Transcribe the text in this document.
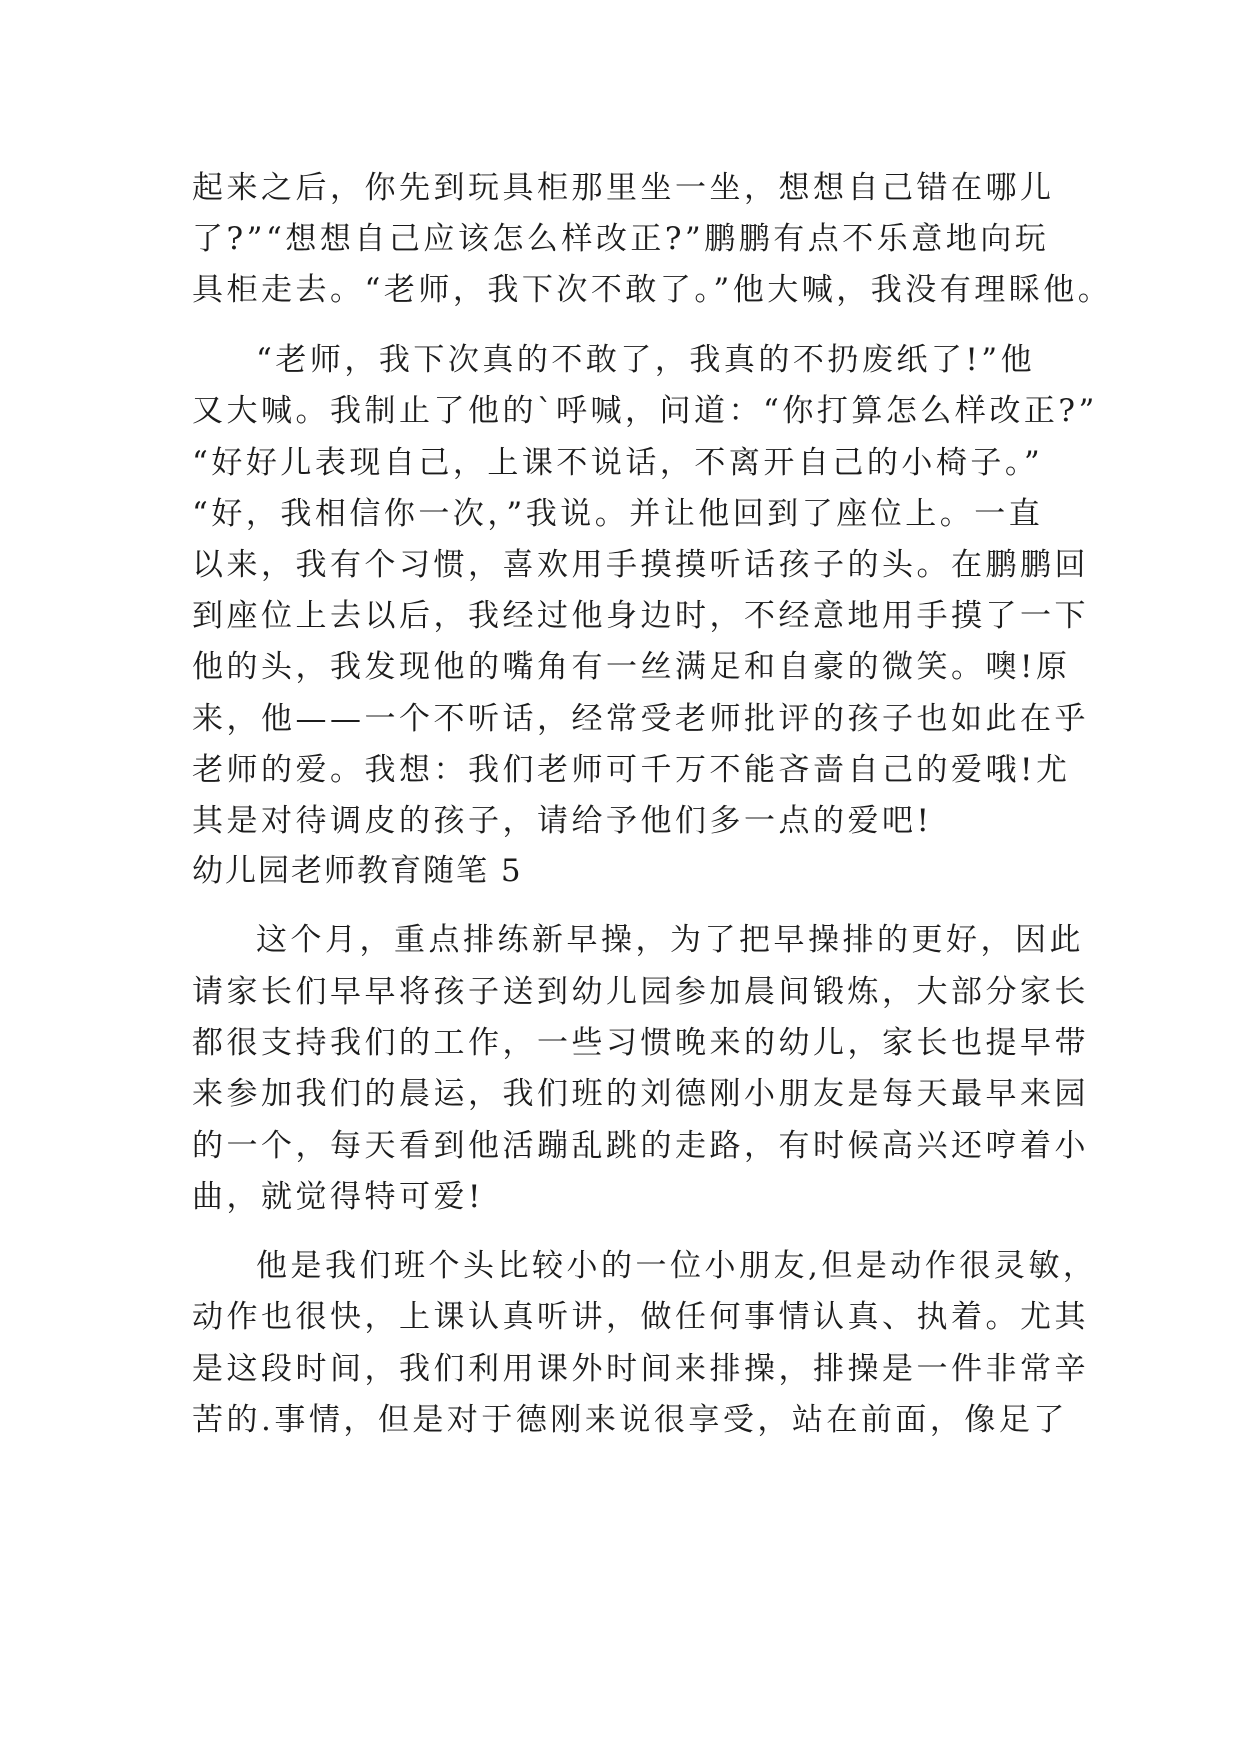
起来之后，你先到玩具柜那里坐一坐，想想自己错在哪儿
了?”“想想自己应该怎么样改正?”鹏鹏有点不乐意地向玩
具柜走去。“老师，我下次不敢了。”他大喊，我没有理睬他。
“老师，我下次真的不敢了，我真的不扔废纸了!”他
又大喊。我制止了他的`呼喊，问道：“你打算怎么样改正?”
“好好儿表现自己，上课不说话，不离开自己的小椅子。”
“好，我相信你一次，”我说。并让他回到了座位上。一直
以来，我有个习惯，喜欢用手摸摸听话孩子的头。在鹏鹏回
到座位上去以后，我经过他身边时，不经意地用手摸了一下
他的头，我发现他的嘴角有一丝满足和自豪的微笑。噢!原
来，他——一个不听话，经常受老师批评的孩子也如此在乎
老师的爱。我想：我们老师可千万不能吝啬自己的爱哦!尤
其是对待调皮的孩子，请给予他们多一点的爱吧!
幼儿园老师教育随笔 5
这个月，重点排练新早操，为了把早操排的更好，因此
请家长们早早将孩子送到幼儿园参加晨间锻炼，大部分家长
都很支持我们的工作，一些习惯晚来的幼儿，家长也提早带
来参加我们的晨运，我们班的刘德刚小朋友是每天最早来园
的一个，每天看到他活蹦乱跳的走路，有时候高兴还哼着小
曲，就觉得特可爱!
他是我们班个头比较小的一位小朋友,但是动作很灵敏，
动作也很快，上课认真听讲，做任何事情认真、执着。尤其
是这段时间，我们利用课外时间来排操，排操是一件非常辛
苦的.事情，但是对于德刚来说很享受，站在前面，像足了
